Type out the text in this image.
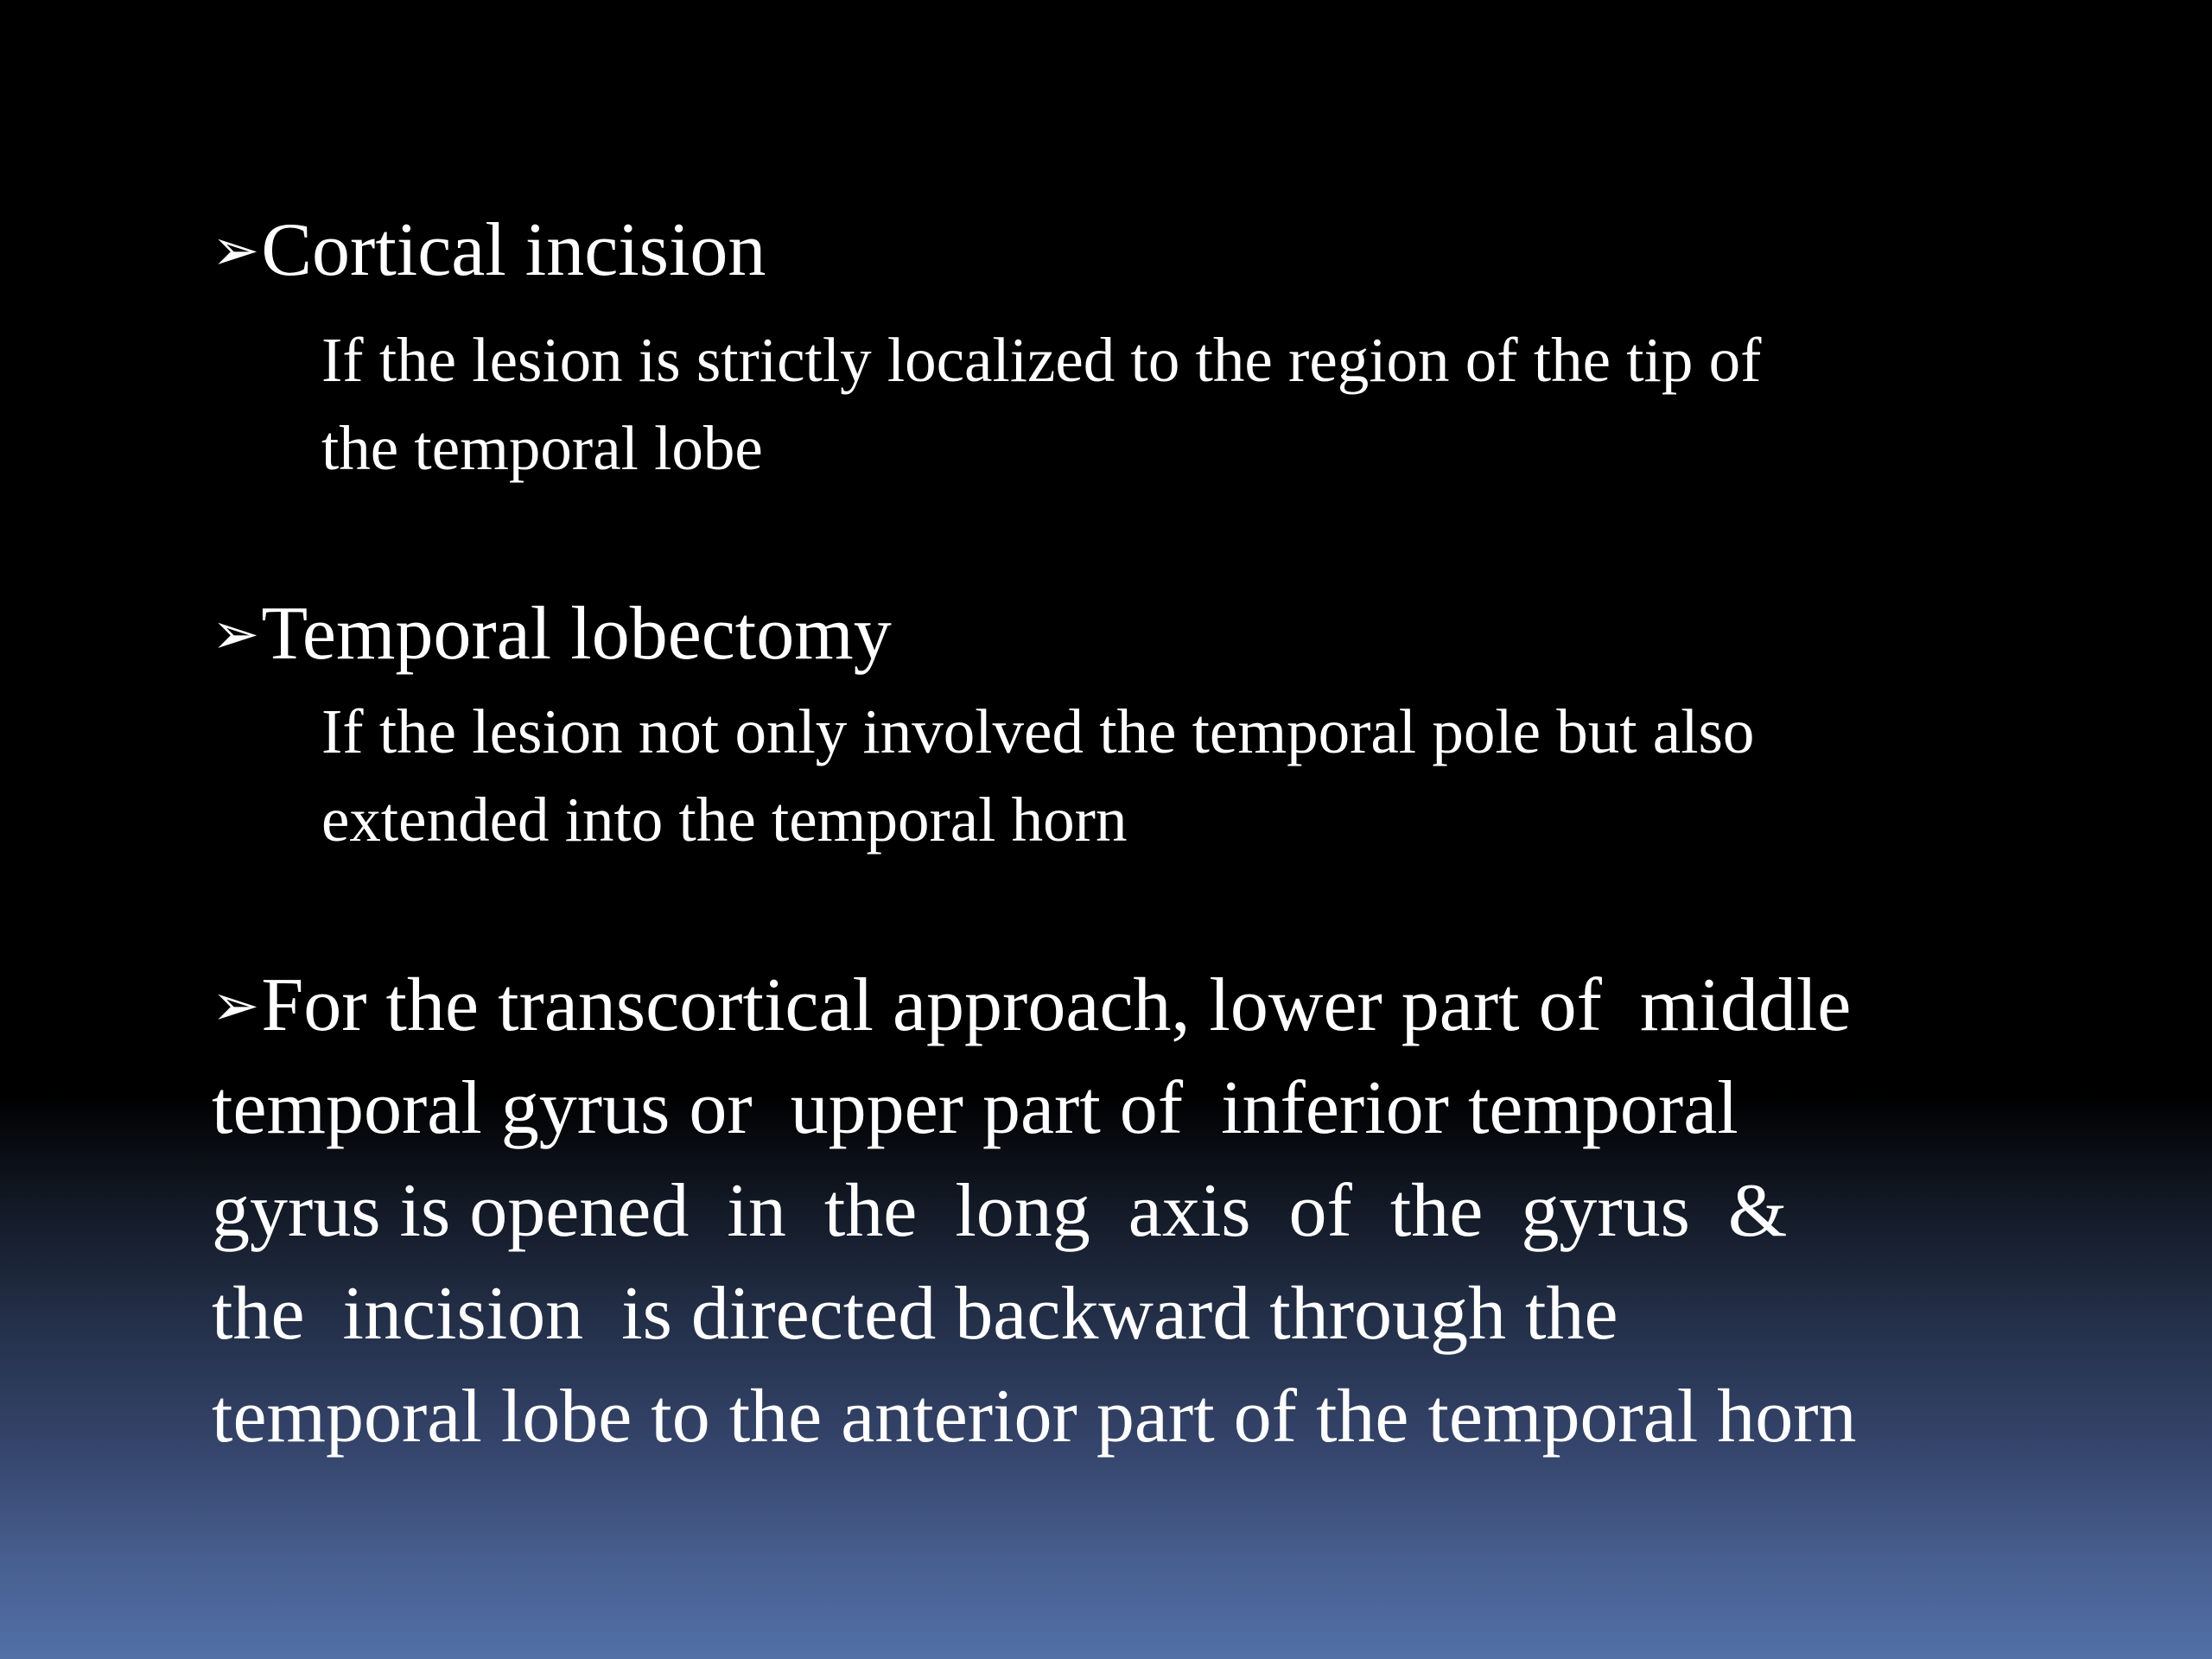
➢Cortical incision
If the lesion is strictly localized to the region of the tip of
the temporal lobe
➢Temporal lobectomy
If the lesion not only involved the temporal pole but also
extended into the temporal horn
➢For the transcortical approach, lower part of  middle
temporal gyrus or  upper part of  inferior temporal
gyrus is opened  in  the  long  axis  of  the  gyrus  &
the  incision  is directed backward through the
temporal lobe to the anterior part of the temporal horn
